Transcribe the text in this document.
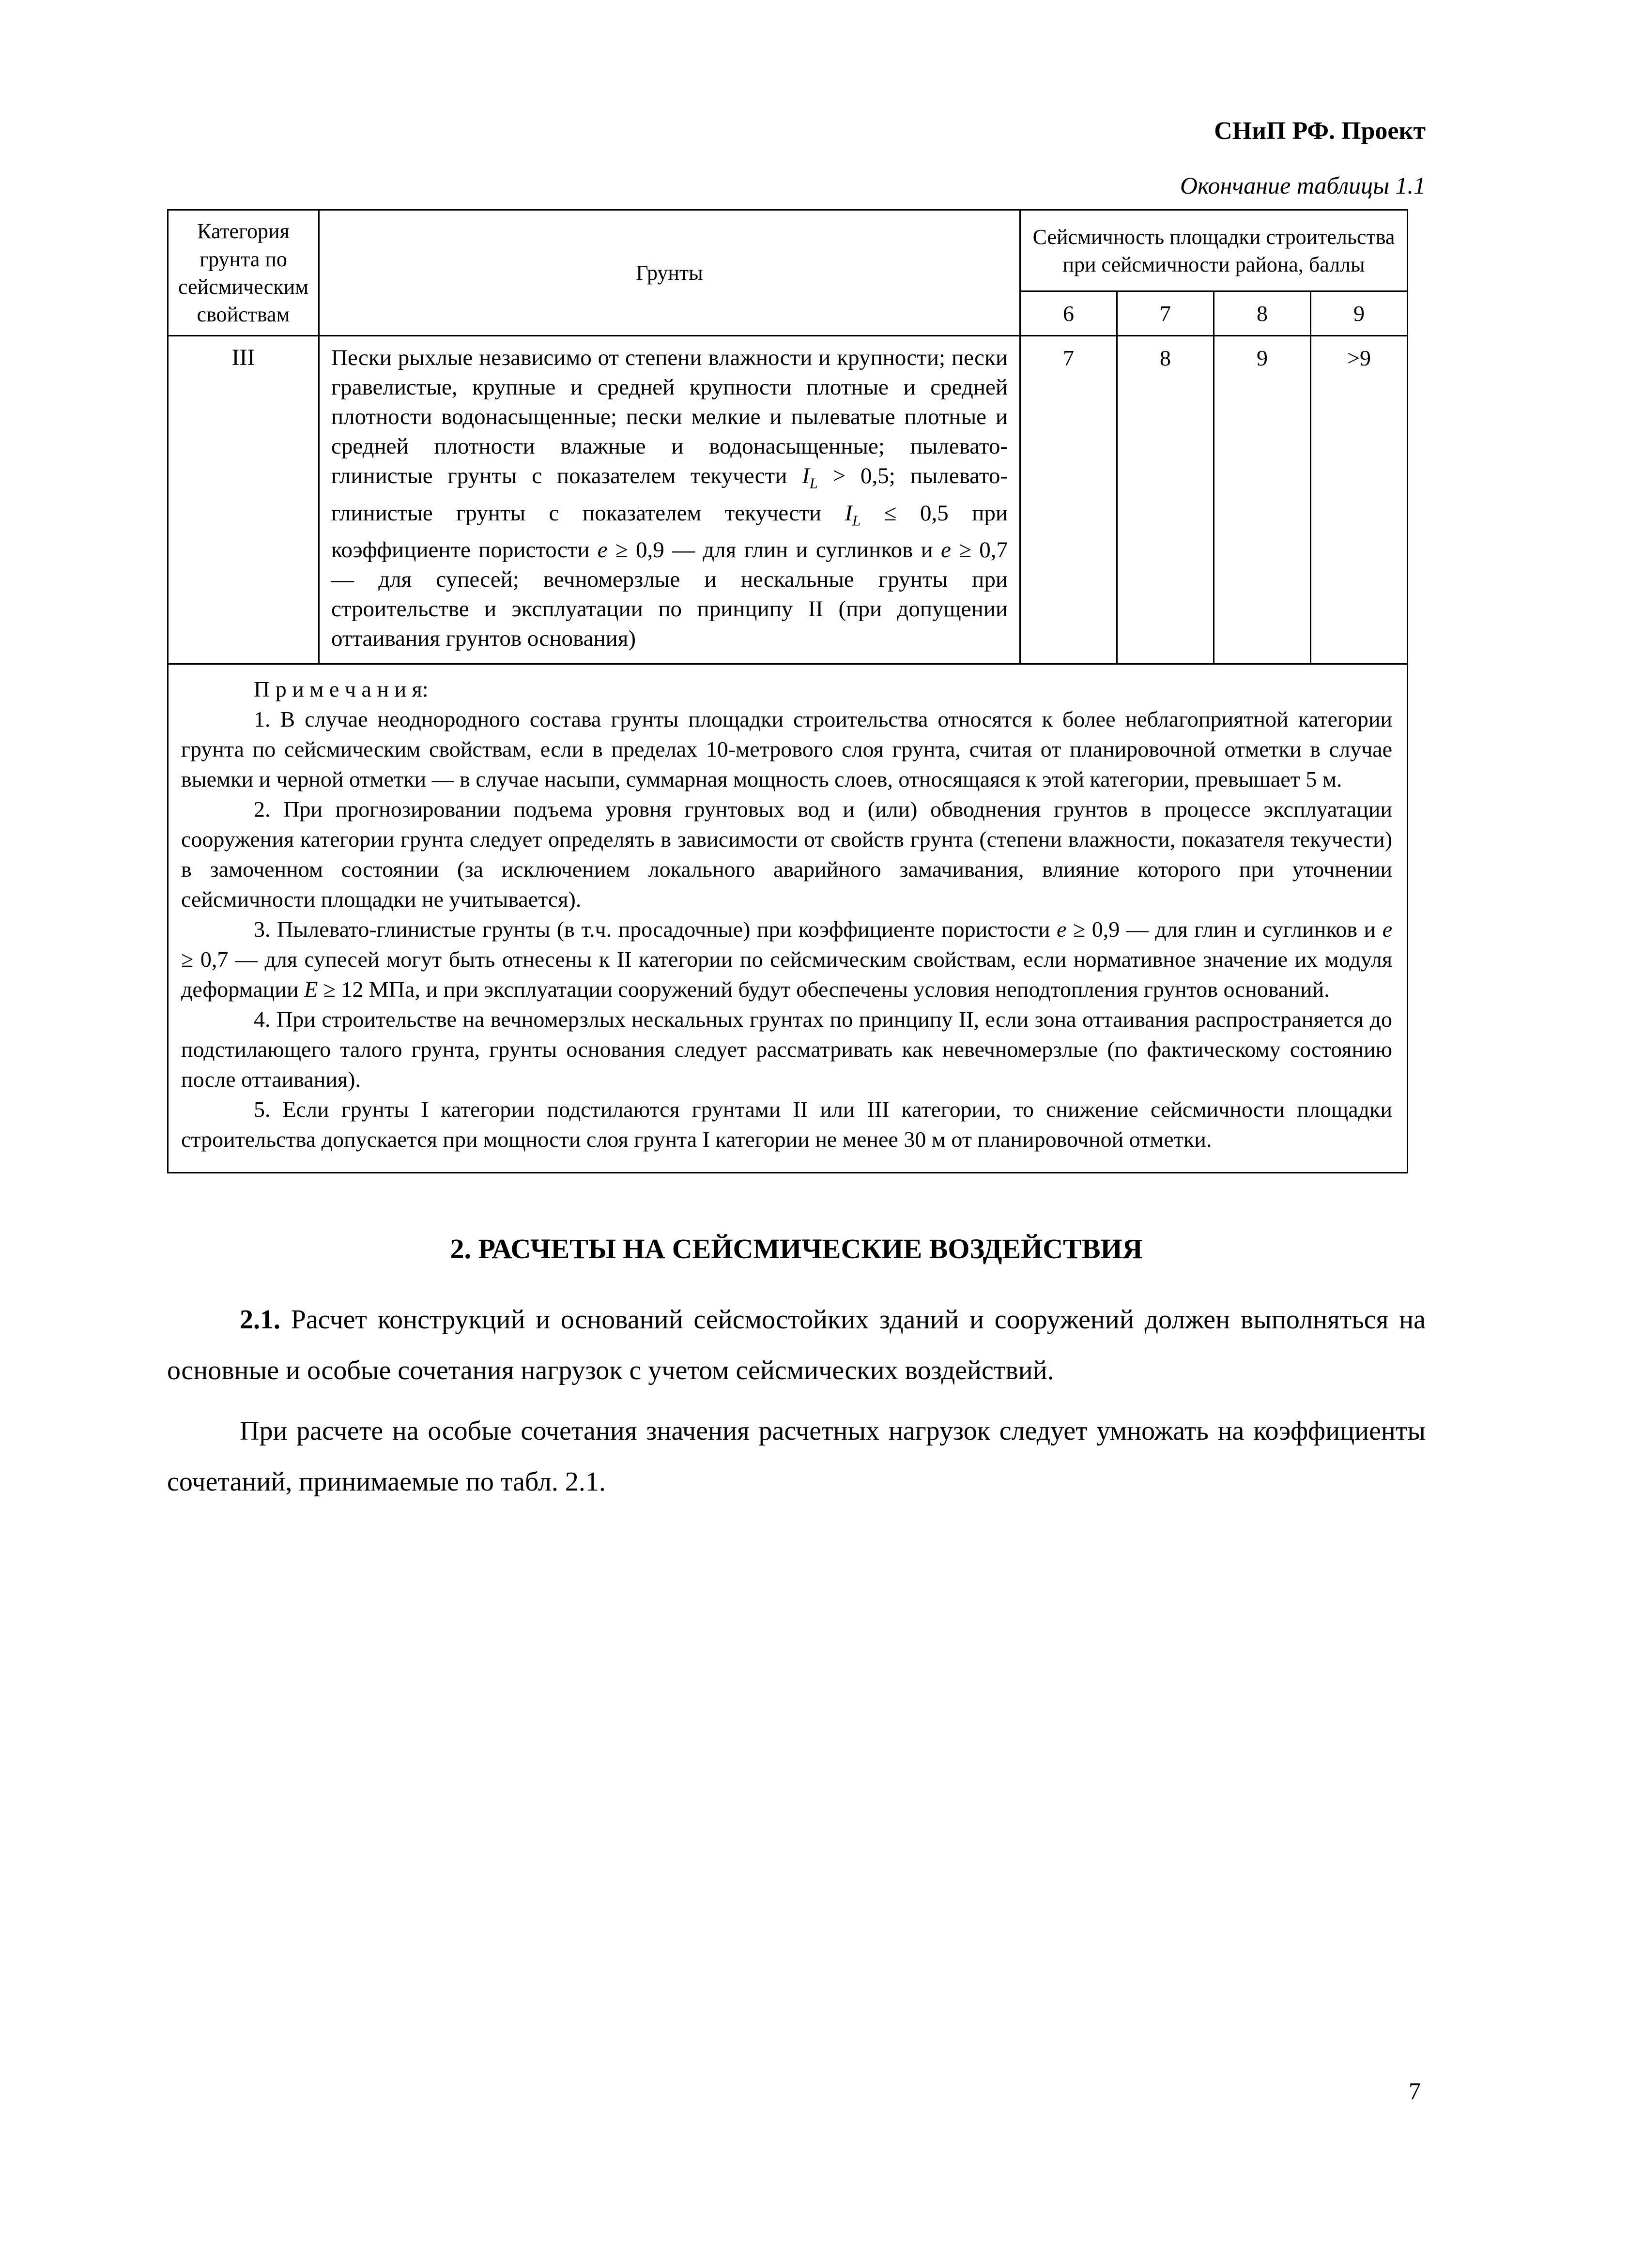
СНиП РФ. Проект
Окончание таблицы 1.1
Категория грунта по сейсмическим свойствам	Грунты	Сейсмичность площадки строительства при сейсмичности района, баллы			
		6	7	8	9
III	Пески рыхлые независимо от степени влажности и крупности; пески гравелистые, крупные и средней крупности плотные и средней плотности водонасыщенные; пески мелкие и пылеватые плотные и средней плотности влажные и водонасыщенные; пылевато-глинистые грунты с показателем текучести $I_L > 0,5$; пылевато-глинистые грунты с показателем текучести $I_L \le 0,5$ при коэффициенте пористости e ≥ 0,9 — для глин и суглинков и e ≥ 0,7 — для супесей; вечномерзлые и нескальные грунты при строительстве и эксплуатации по принципу II (при допущении оттаивания грунтов основания)	7	8	9	>9

П р и м е ч а н и я:

1. В случае неоднородного состава грунты площадки строительства относятся к более неблагоприятной категории грунта по сейсмическим свойствам, если в пределах 10-метрового слоя грунта, считая от планировочной отметки в случае выемки и черной отметки — в случае насыпи, суммарная мощность слоев, относящаяся к этой категории, превышает 5 м.

2. При прогнозировании подъема уровня грунтовых вод и (или) обводнения грунтов в процессе эксплуатации сооружения категории грунта следует определять в зависимости от свойств грунта (степени влажности, показателя текучести) в замоченном состоянии (за исключением локального аварийного замачивания, влияние которого при уточнении сейсмичности площадки не учитывается).

3. Пылевато-глинистые грунты (в т.ч. просадочные) при коэффициенте пористости e ≥ 0,9 — для глин и суглинков и e ≥ 0,7 — для супесей могут быть отнесены к II категории по сейсмическим свойствам, если нормативное значение их модуля деформации E ≥ 12 МПа, и при эксплуатации сооружений будут обеспечены условия неподтопления грунтов оснований.

4. При строительстве на вечномерзлых нескальных грунтах по принципу II, если зона оттаивания распространяется до подстилающего талого грунта, грунты основания следует рассматривать как невечномерзлые (по фактическому состоянию после оттаивания).

5. Если грунты I категории подстилаются грунтами II или III категории, то снижение сейсмичности площадки строительства допускается при мощности слоя грунта I категории не менее 30 м от планировочной отметки.

2. РАСЧЕТЫ НА СЕЙСМИЧЕСКИЕ ВОЗДЕЙСТВИЯ

2.1. Расчет конструкций и оснований сейсмостойких зданий и сооружений должен выполняться на основные и особые сочетания нагрузок с учетом сейсмических воздействий.

При расчете на особые сочетания значения расчетных нагрузок следует умножать на коэффициенты сочетаний, принимаемые по табл. 2.1.

7
